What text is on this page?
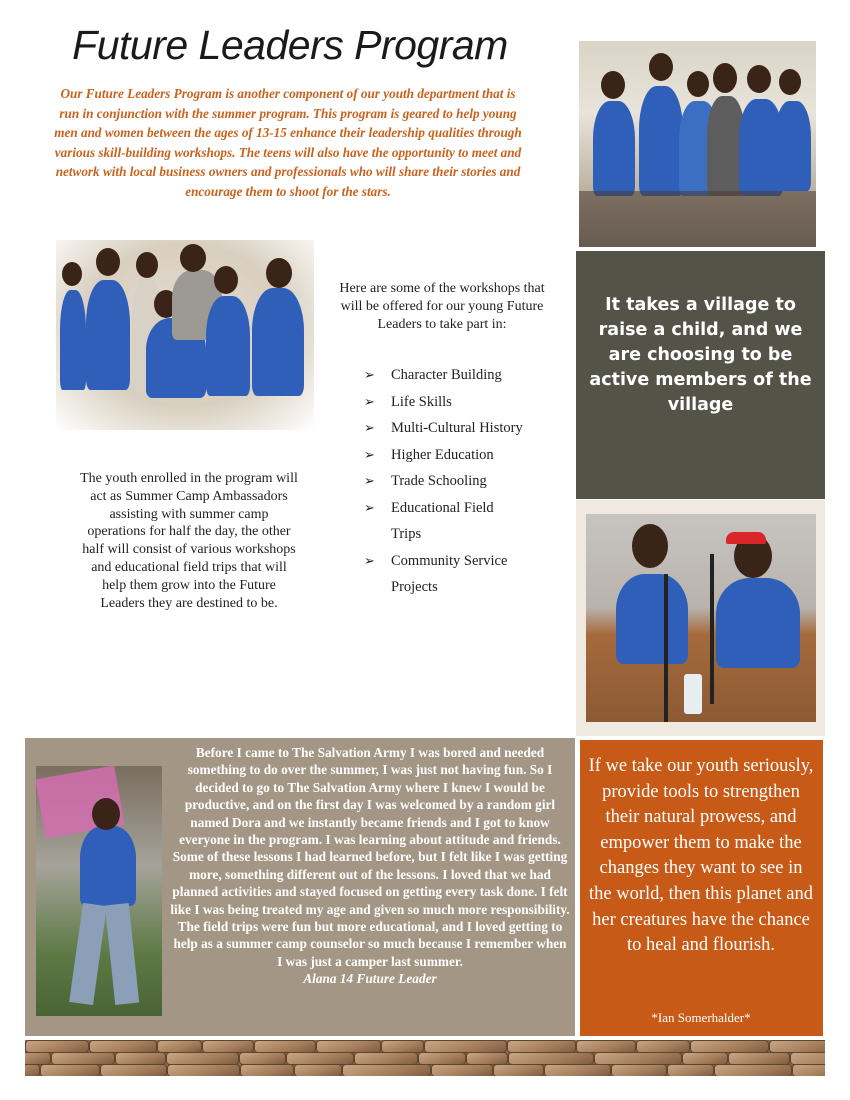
Future Leaders Program
Our Future Leaders Program is another component of our youth department that is run in conjunction with the summer program. This program is geared to help young men and women between the ages of 13-15 enhance their leadership qualities through various skill-building workshops. The teens will also have the opportunity to meet and network with local business owners and professionals who will share their stories and encourage them to shoot for the stars.
Here are some of the workshops that will be offered for our young Future Leaders to take part in:
➢ Character Building
➢ Life Skills
➢ Multi-Cultural History
➢ Higher Education
➢ Trade Schooling
➢ Educational Field Trips
➢ Community Service Projects
The youth enrolled in the program will act as Summer Camp Ambassadors assisting with summer camp operations for half the day, the other half will consist of various workshops and educational field trips that will help them grow into the Future Leaders they are destined to be.
It takes a village to raise a child, and we are choosing to be active members of the village
Before I came to The Salvation Army I was bored and needed something to do over the summer, I was just not having fun. So I decided to go to The Salvation Army where I knew I would be productive, and on the first day I was welcomed by a random girl named Dora and we instantly became friends and I got to know everyone in the program. I was learning about attitude and friends. Some of these lessons I had learned before, but I felt like I was getting more, something different out of the lessons. I loved that we had planned activities and stayed focused on getting every task done. I felt like I was being treated my age and given so much more responsibility. The field trips were fun but more educational, and I loved getting to help as a summer camp counselor so much because I remember when I was just a camper last summer.
Alana 14 Future Leader
If we take our youth seriously, provide tools to strengthen their natural prowess, and empower them to make the changes they want to see in the world, then this planet and her creatures have the chance to heal and flourish.
*Ian Somerhalder*
